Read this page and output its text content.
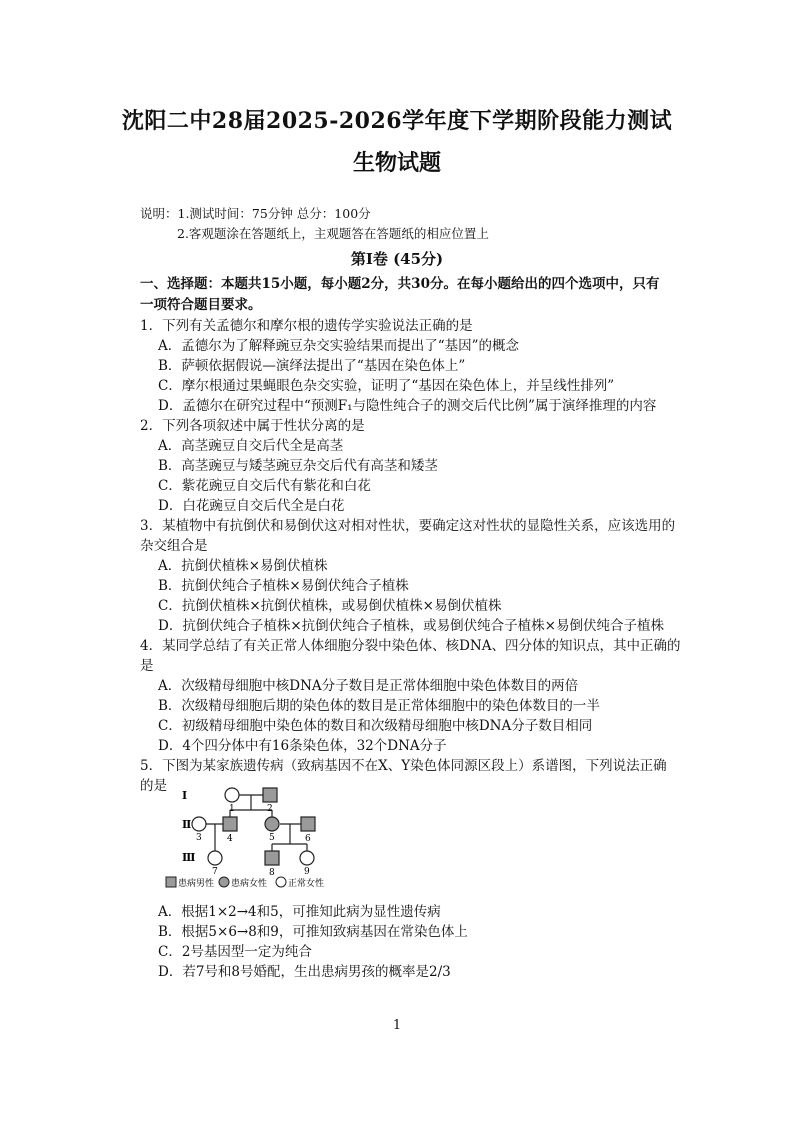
沈阳二中28届2025-2026学年度下学期阶段能力测试
生物试题
说明：1.测试时间：75分钟 总分：100分
2.客观题涂在答题纸上，主观题答在答题纸的相应位置上
第Ⅰ卷 (45分)
一、选择题：本题共15小题，每小题2分，共30分。在每小题给出的四个选项中，只有
一项符合题目要求。
1．下列有关孟德尔和摩尔根的遗传学实验说法正确的是
A．孟德尔为了解释豌豆杂交实验结果而提出了“基因”的概念
B．萨顿依据假说—演绎法提出了“基因在染色体上”
C．摩尔根通过果蝇眼色杂交实验，证明了“基因在染色体上，并呈线性排列”
D．孟德尔在研究过程中“预测F₁与隐性纯合子的测交后代比例”属于演绎推理的内容
2．下列各项叙述中属于性状分离的是
A．高茎豌豆自交后代全是高茎
B．高茎豌豆与矮茎豌豆杂交后代有高茎和矮茎
C．紫花豌豆自交后代有紫花和白花
D．白花豌豆自交后代全是白花
3．某植物中有抗倒伏和易倒伏这对相对性状，要确定这对性状的显隐性关系，应该选用的
杂交组合是
A．抗倒伏植株×易倒伏植株
B．抗倒伏纯合子植株×易倒伏纯合子植株
C．抗倒伏植株×抗倒伏植株，或易倒伏植株×易倒伏植株
D．抗倒伏纯合子植株×抗倒伏纯合子植株，或易倒伏纯合子植株×易倒伏纯合子植株
4．某同学总结了有关正常人体细胞分裂中染色体、核DNA、四分体的知识点，其中正确的
是
A．次级精母细胞中核DNA分子数目是正常体细胞中染色体数目的两倍
B．次级精母细胞后期的染色体的数目是正常体细胞中的染色体数目的一半
C．初级精母细胞中染色体的数目和次级精母细胞中核DNA分子数目相同
D．4个四分体中有16条染色体，32个DNA分子
5．下图为某家族遗传病（致病基因不在X、Y染色体同源区段上）系谱图，下列说法正确
的是
Ⅰ
Ⅱ
Ⅲ
1	2
3	4	5	6
7	8	9
患病男性 患病女性 正常女性
A．根据1×2→4和5，可推知此病为显性遗传病
B．根据5×6→8和9，可推知致病基因在常染色体上
C．2号基因型一定为纯合
D．若7号和8号婚配，生出患病男孩的概率是2/3
1
